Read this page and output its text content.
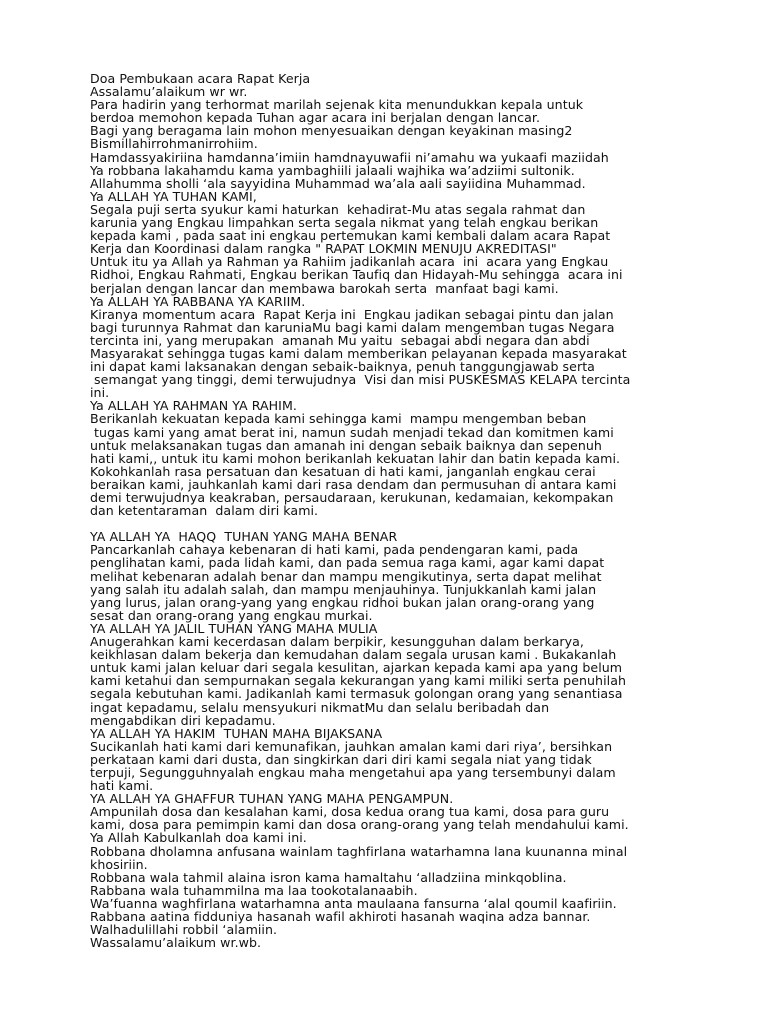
Doa Pembukaan acara Rapat Kerja

Assalamu’alaikum wr wr.

Para hadirin yang terhormat marilah sejenak kita menundukkan kepala untuk

berdoa memohon kepada Tuhan agar acara ini berjalan dengan lancar.

Bagi yang beragama lain mohon menyesuaikan dengan keyakinan masing2

Bismillahirrohmanirrohiim.

Hamdassyakiriina hamdanna’imiin hamdnayuwafii ni’amahu wa yukaafi maziidah

Ya robbana lakahamdu kama yambaghiili jalaali wajhika wa’adziimi sultonik.

Allahumma sholli ‘ala sayyidina Muhammad wa’ala aali sayiidina Muhammad.

Ya ALLAH YA TUHAN KAMI,

Segala puji serta syukur kami haturkan  kehadirat-Mu atas segala rahmat dan

karunia yang Engkau limpahkan serta segala nikmat yang telah engkau berikan

kepada kami , pada saat ini engkau pertemukan kami kembali dalam acara Rapat

Kerja dan Koordinasi dalam rangka " RAPAT LOKMIN MENUJU AKREDITASI"

Untuk itu ya Allah ya Rahman ya Rahiim jadikanlah acara  ini  acara yang Engkau

Ridhoi, Engkau Rahmati, Engkau berikan Taufiq dan Hidayah-Mu sehingga  acara ini

berjalan dengan lancar dan membawa barokah serta  manfaat bagi kami.

Ya ALLAH YA RABBANA YA KARIIM.

Kiranya momentum acara  Rapat Kerja ini  Engkau jadikan sebagai pintu dan jalan

bagi turunnya Rahmat dan karuniaMu bagi kami dalam mengemban tugas Negara

tercinta ini, yang merupakan  amanah Mu yaitu  sebagai abdi negara dan abdi

Masyarakat sehingga tugas kami dalam memberikan pelayanan kepada masyarakat

ini dapat kami laksanakan dengan sebaik-baiknya, penuh tanggungjawab serta

semangat yang tinggi, demi terwujudnya  Visi dan misi PUSKESMAS KELAPA tercinta

ini.

Ya ALLAH YA RAHMAN YA RAHIM.

Berikanlah kekuatan kepada kami sehingga kami  mampu mengemban beban

tugas kami yang amat berat ini, namun sudah menjadi tekad dan komitmen kami

untuk melaksanakan tugas dan amanah ini dengan sebaik baiknya dan sepenuh

hati kami,, untuk itu kami mohon berikanlah kekuatan lahir dan batin kepada kami.

Kokohkanlah rasa persatuan dan kesatuan di hati kami, janganlah engkau cerai

beraikan kami, jauhkanlah kami dari rasa dendam dan permusuhan di antara kami

demi terwujudnya keakraban, persaudaraan, kerukunan, kedamaian, kekompakan

dan ketentaraman  dalam diri kami.

YA ALLAH YA  HAQQ  TUHAN YANG MAHA BENAR

Pancarkanlah cahaya kebenaran di hati kami, pada pendengaran kami, pada

penglihatan kami, pada lidah kami, dan pada semua raga kami, agar kami dapat

melihat kebenaran adalah benar dan mampu mengikutinya, serta dapat melihat

yang salah itu adalah salah, dan mampu menjauhinya. Tunjukkanlah kami jalan

yang lurus, jalan orang-yang yang engkau ridhoi bukan jalan orang-orang yang

sesat dan orang-orang yang engkau murkai.

YA ALLAH YA JALIL TUHAN YANG MAHA MULIA

Anugerahkan kami kecerdasan dalam berpikir, kesungguhan dalam berkarya,

keikhlasan dalam bekerja dan kemudahan dalam segala urusan kami . Bukakanlah

untuk kami jalan keluar dari segala kesulitan, ajarkan kepada kami apa yang belum

kami ketahui dan sempurnakan segala kekurangan yang kami miliki serta penuhilah

segala kebutuhan kami. Jadikanlah kami termasuk golongan orang yang senantiasa

ingat kepadamu, selalu mensyukuri nikmatMu dan selalu beribadah dan

mengabdikan diri kepadamu.

YA ALLAH YA HAKIM  TUHAN MAHA BIJAKSANA

Sucikanlah hati kami dari kemunafikan, jauhkan amalan kami dari riya’, bersihkan

perkataan kami dari dusta, dan singkirkan dari diri kami segala niat yang tidak

terpuji, Segungguhnyalah engkau maha mengetahui apa yang tersembunyi dalam

hati kami.

YA ALLAH YA GHAFFUR TUHAN YANG MAHA PENGAMPUN.

Ampunilah dosa dan kesalahan kami, dosa kedua orang tua kami, dosa para guru

kami, dosa para pemimpin kami dan dosa orang-orang yang telah mendahului kami.

Ya Allah Kabulkanlah doa kami ini.

Robbana dholamna anfusana wainlam taghfirlana watarhamna lana kuunanna minal

khosiriin.

Robbana wala tahmil alaina isron kama hamaltahu ‘alladziina minkqoblina.

Rabbana wala tuhammilna ma laa tookotalanaabih.

Wa’fuanna waghfirlana watarhamna anta maulaana fansurna ‘alal qoumil kaafiriin.

Rabbana aatina fidduniya hasanah wafil akhiroti hasanah waqina adza bannar.

Walhadulillahi robbil ‘alamiin.

Wassalamu’alaikum wr.wb.
